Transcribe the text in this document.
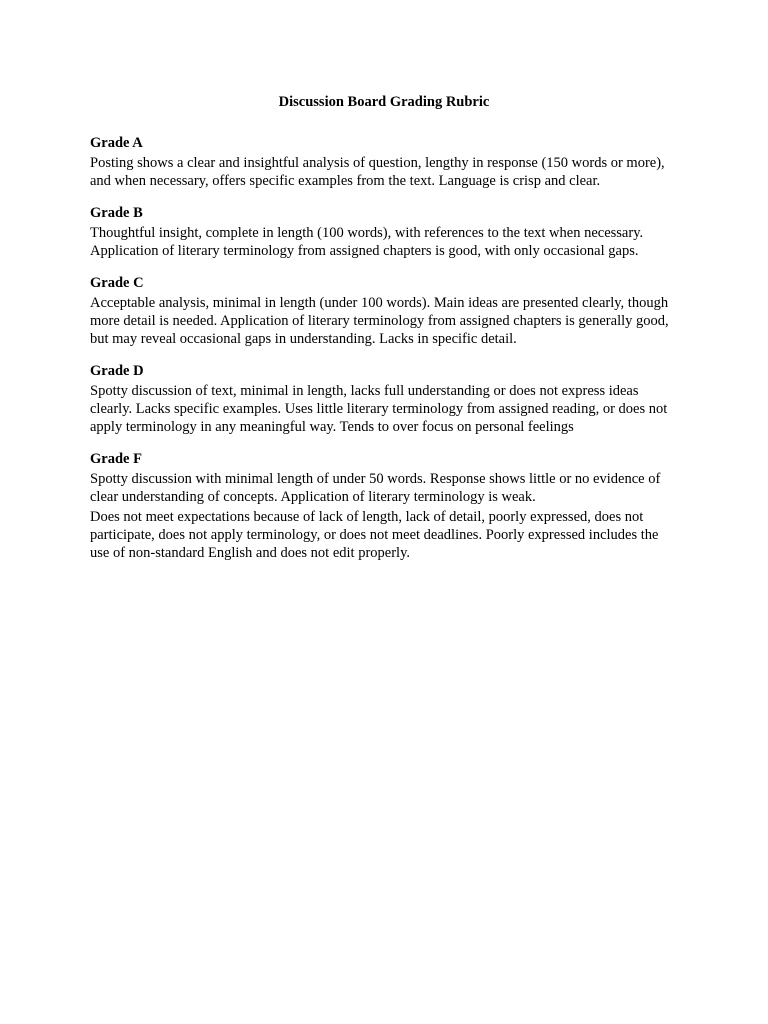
Discussion Board Grading Rubric
Grade A

Posting shows a clear and insightful analysis of question, lengthy in response (150 words or more), and when necessary, offers specific examples from the text. Language is crisp and clear.

Grade B

Thoughtful insight, complete in length (100 words), with references to the text when necessary. Application of literary terminology from assigned chapters is good, with only occasional gaps.

Grade C

Acceptable analysis, minimal in length (under 100 words). Main ideas are presented clearly, though more detail is needed. Application of literary terminology from assigned chapters is generally good, but may reveal occasional gaps in understanding. Lacks in specific detail.

Grade D

Spotty discussion of text, minimal in length, lacks full understanding or does not express ideas clearly. Lacks specific examples. Uses little literary terminology from assigned reading, or does not apply terminology in any meaningful way. Tends to over focus on personal feelings

Grade F

Spotty discussion with minimal length of under 50 words. Response shows little or no evidence of clear understanding of concepts. Application of literary terminology is weak.

Does not meet expectations because of lack of length, lack of detail, poorly expressed, does not participate, does not apply terminology, or does not meet deadlines. Poorly expressed includes the use of non-standard English and does not edit properly.
